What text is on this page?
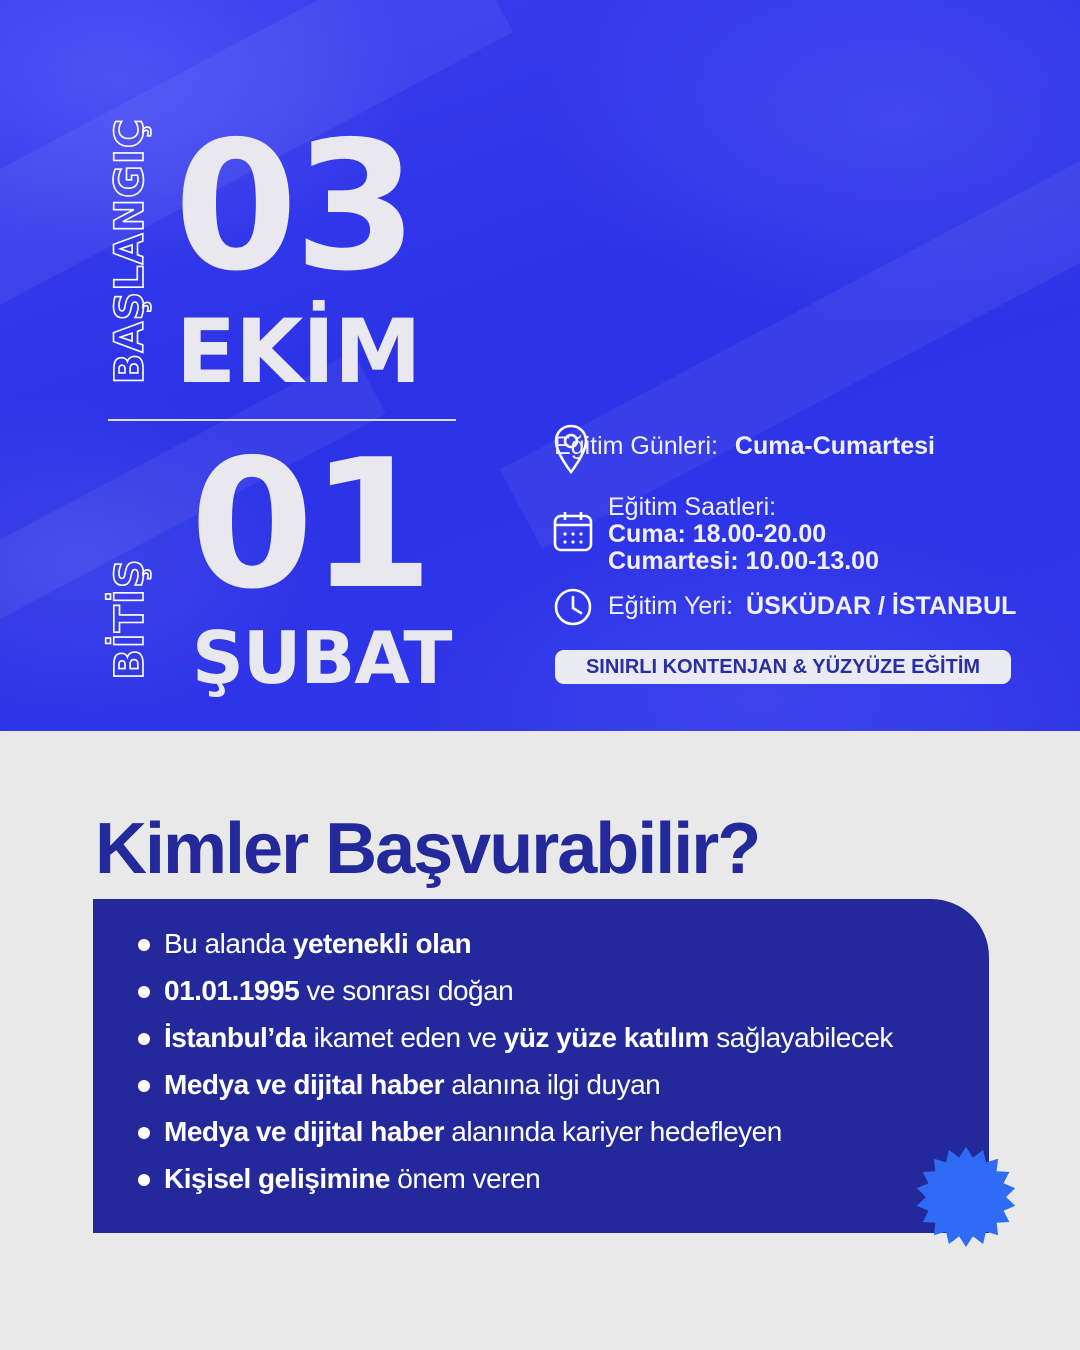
BAŞLANGIÇ 03
EKİM
BİTİŞ 01
ŞUBAT
Eğitim Günleri: Cuma-Cumartesi
Eğitim Saatleri:
Cuma: 18.00-20.00
Cumartesi: 10.00-13.00
Eğitim Yeri: ÜSKÜDAR / İSTANBUL
SINIRLI KONTENJAN & YÜZYÜZE EĞİTİM
Kimler Başvurabilir?
Bu alanda yetenekli olan
01.01.1995 ve sonrası doğan
İstanbul’da ikamet eden ve yüz yüze katılım sağlayabilecek
Medya ve dijital haber alanına ilgi duyan
Medya ve dijital haber alanında kariyer hedefleyen
Kişisel gelişimine önem veren
